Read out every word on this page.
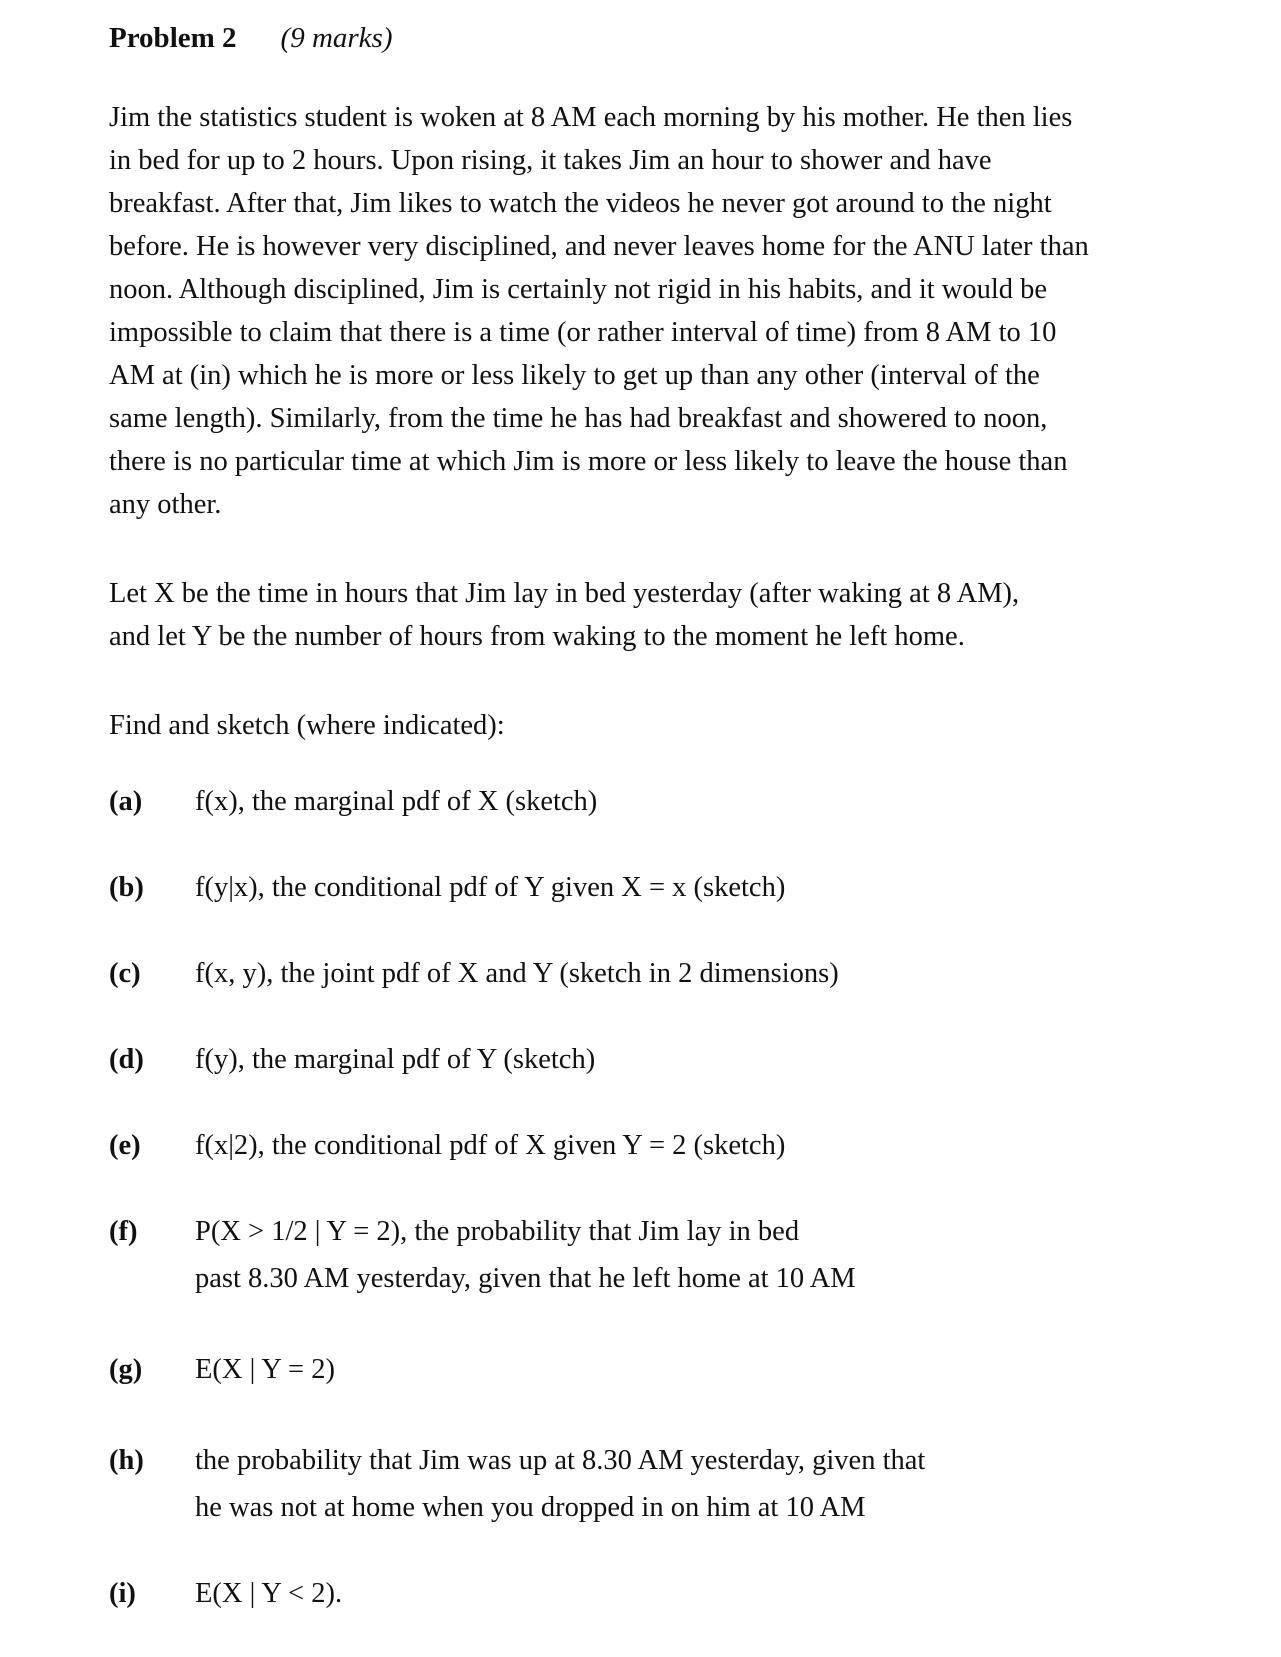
Problem 2 (9 marks)
Jim the statistics student is woken at 8 AM each morning by his mother. He then lies
in bed for up to 2 hours. Upon rising, it takes Jim an hour to shower and have
breakfast. After that, Jim likes to watch the videos he never got around to the night
before. He is however very disciplined, and never leaves home for the ANU later than
noon. Although disciplined, Jim is certainly not rigid in his habits, and it would be
impossible to claim that there is a time (or rather interval of time) from 8 AM to 10
AM at (in) which he is more or less likely to get up than any other (interval of the
same length). Similarly, from the time he has had breakfast and showered to noon,
there is no particular time at which Jim is more or less likely to leave the house than
any other.
Let X be the time in hours that Jim lay in bed yesterday (after waking at 8 AM),
and let Y be the number of hours from waking to the moment he left home.
Find and sketch (where indicated):
(a) f(x), the marginal pdf of X (sketch)
(b) f(y|x), the conditional pdf of Y given X = x (sketch)
(c) f(x, y), the joint pdf of X and Y (sketch in 2 dimensions)
(d) f(y), the marginal pdf of Y (sketch)
(e) f(x|2), the conditional pdf of X given Y = 2 (sketch)
(f) P(X > 1/2 | Y = 2), the probability that Jim lay in bed
past 8.30 AM yesterday, given that he left home at 10 AM
(g) E(X | Y = 2)
(h) the probability that Jim was up at 8.30 AM yesterday, given that
he was not at home when you dropped in on him at 10 AM
(i) E(X | Y < 2).
